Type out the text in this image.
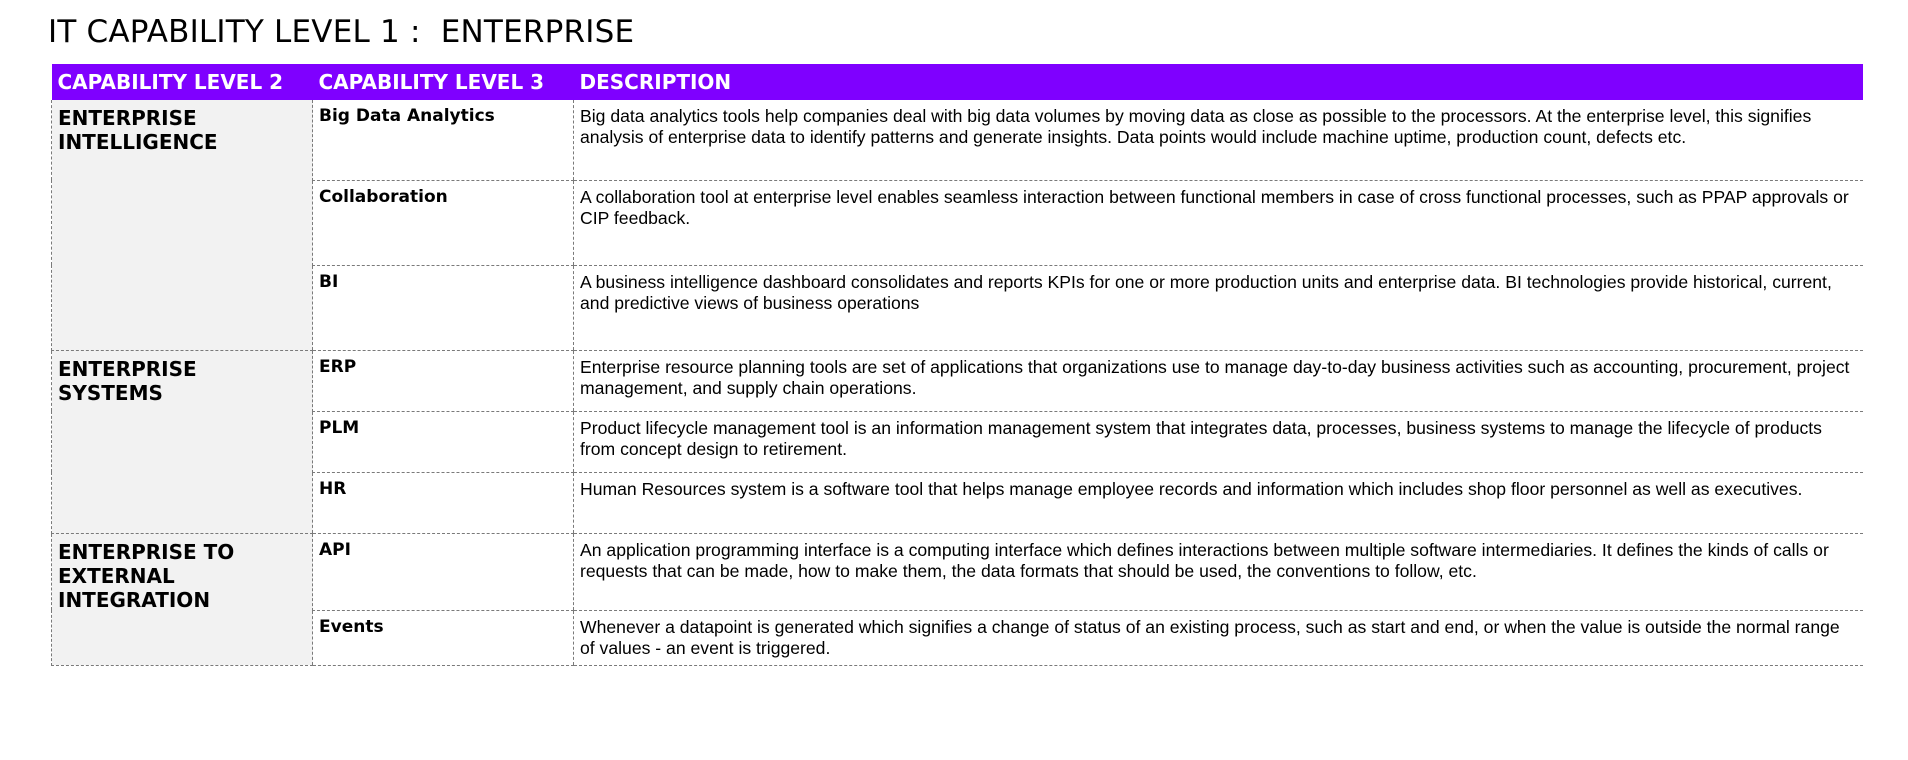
IT CAPABILITY LEVEL 1 :  ENTERPRISE
CAPABILITY LEVEL 2	CAPABILITY LEVEL 3	DESCRIPTION
ENTERPRISE INTELLIGENCE	Big Data Analytics	Big data analytics tools help companies deal with big data volumes by moving data as close as possible to the processors. At the enterprise level, this signifies analysis of enterprise data to identify patterns and generate insights. Data points would include machine uptime, production count, defects etc.
	Collaboration	A collaboration tool at enterprise level enables seamless interaction between functional members in case of cross functional processes, such as PPAP approvals or CIP feedback.
	BI	A business intelligence dashboard consolidates and reports KPIs for one or more production units and enterprise data. BI technologies provide historical, current, and predictive views of business operations
ENTERPRISE SYSTEMS	ERP	Enterprise resource planning tools are set of applications that organizations use to manage day-to-day business activities such as accounting, procurement, project management, and supply chain operations.
	PLM	Product lifecycle management tool is an information management system that integrates data, processes, business systems to manage the lifecycle of products from concept design to retirement.
	HR	Human Resources system is a software tool that helps manage employee records and information which includes shop floor personnel as well as executives.
ENTERPRISE TO EXTERNAL INTEGRATION	API	An application programming interface is a computing interface which defines interactions between multiple software intermediaries. It defines the kinds of calls or requests that can be made, how to make them, the data formats that should be used, the conventions to follow, etc.
	Events	Whenever a datapoint is generated which signifies a change of status of an existing process, such as start and end, or when the value is outside the normal range of values - an event is triggered.
